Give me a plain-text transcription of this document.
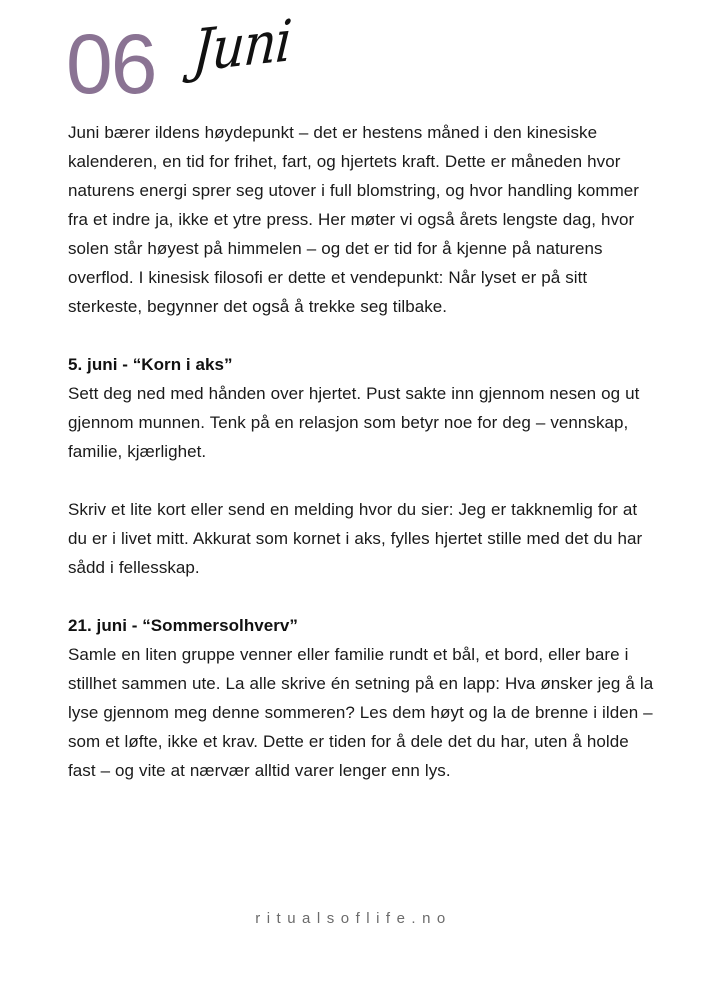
06 Juni

Juni bærer ildens høydepunkt – det er hestens måned i den kinesiske kalenderen, en tid for frihet, fart, og hjertets kraft. Dette er måneden hvor naturens energi sprer seg utover i full blomstring, og hvor handling kommer fra et indre ja, ikke et ytre press. Her møter vi også årets lengste dag, hvor solen står høyest på himmelen – og det er tid for å kjenne på naturens overflod. I kinesisk filosofi er dette et vendepunkt: Når lyset er på sitt sterkeste, begynner det også å trekke seg tilbake.

5. juni - “Korn i aks”

Sett deg ned med hånden over hjertet. Pust sakte inn gjennom nesen og ut gjennom munnen. Tenk på en relasjon som betyr noe for deg – vennskap, familie, kjærlighet.

Skriv et lite kort eller send en melding hvor du sier: Jeg er takknemlig for at du er i livet mitt. Akkurat som kornet i aks, fylles hjertet stille med det du har sådd i fellesskap.

21. juni - “Sommersolhverv”

Samle en liten gruppe venner eller familie rundt et bål, et bord, eller bare i stillhet sammen ute. La alle skrive én setning på en lapp: Hva ønsker jeg å la lyse gjennom meg denne sommeren? Les dem høyt og la de brenne i ilden – som et løfte, ikke et krav. Dette er tiden for å dele det du har, uten å holde fast – og vite at nærvær alltid varer lenger enn lys.

ritualsoflife.no
